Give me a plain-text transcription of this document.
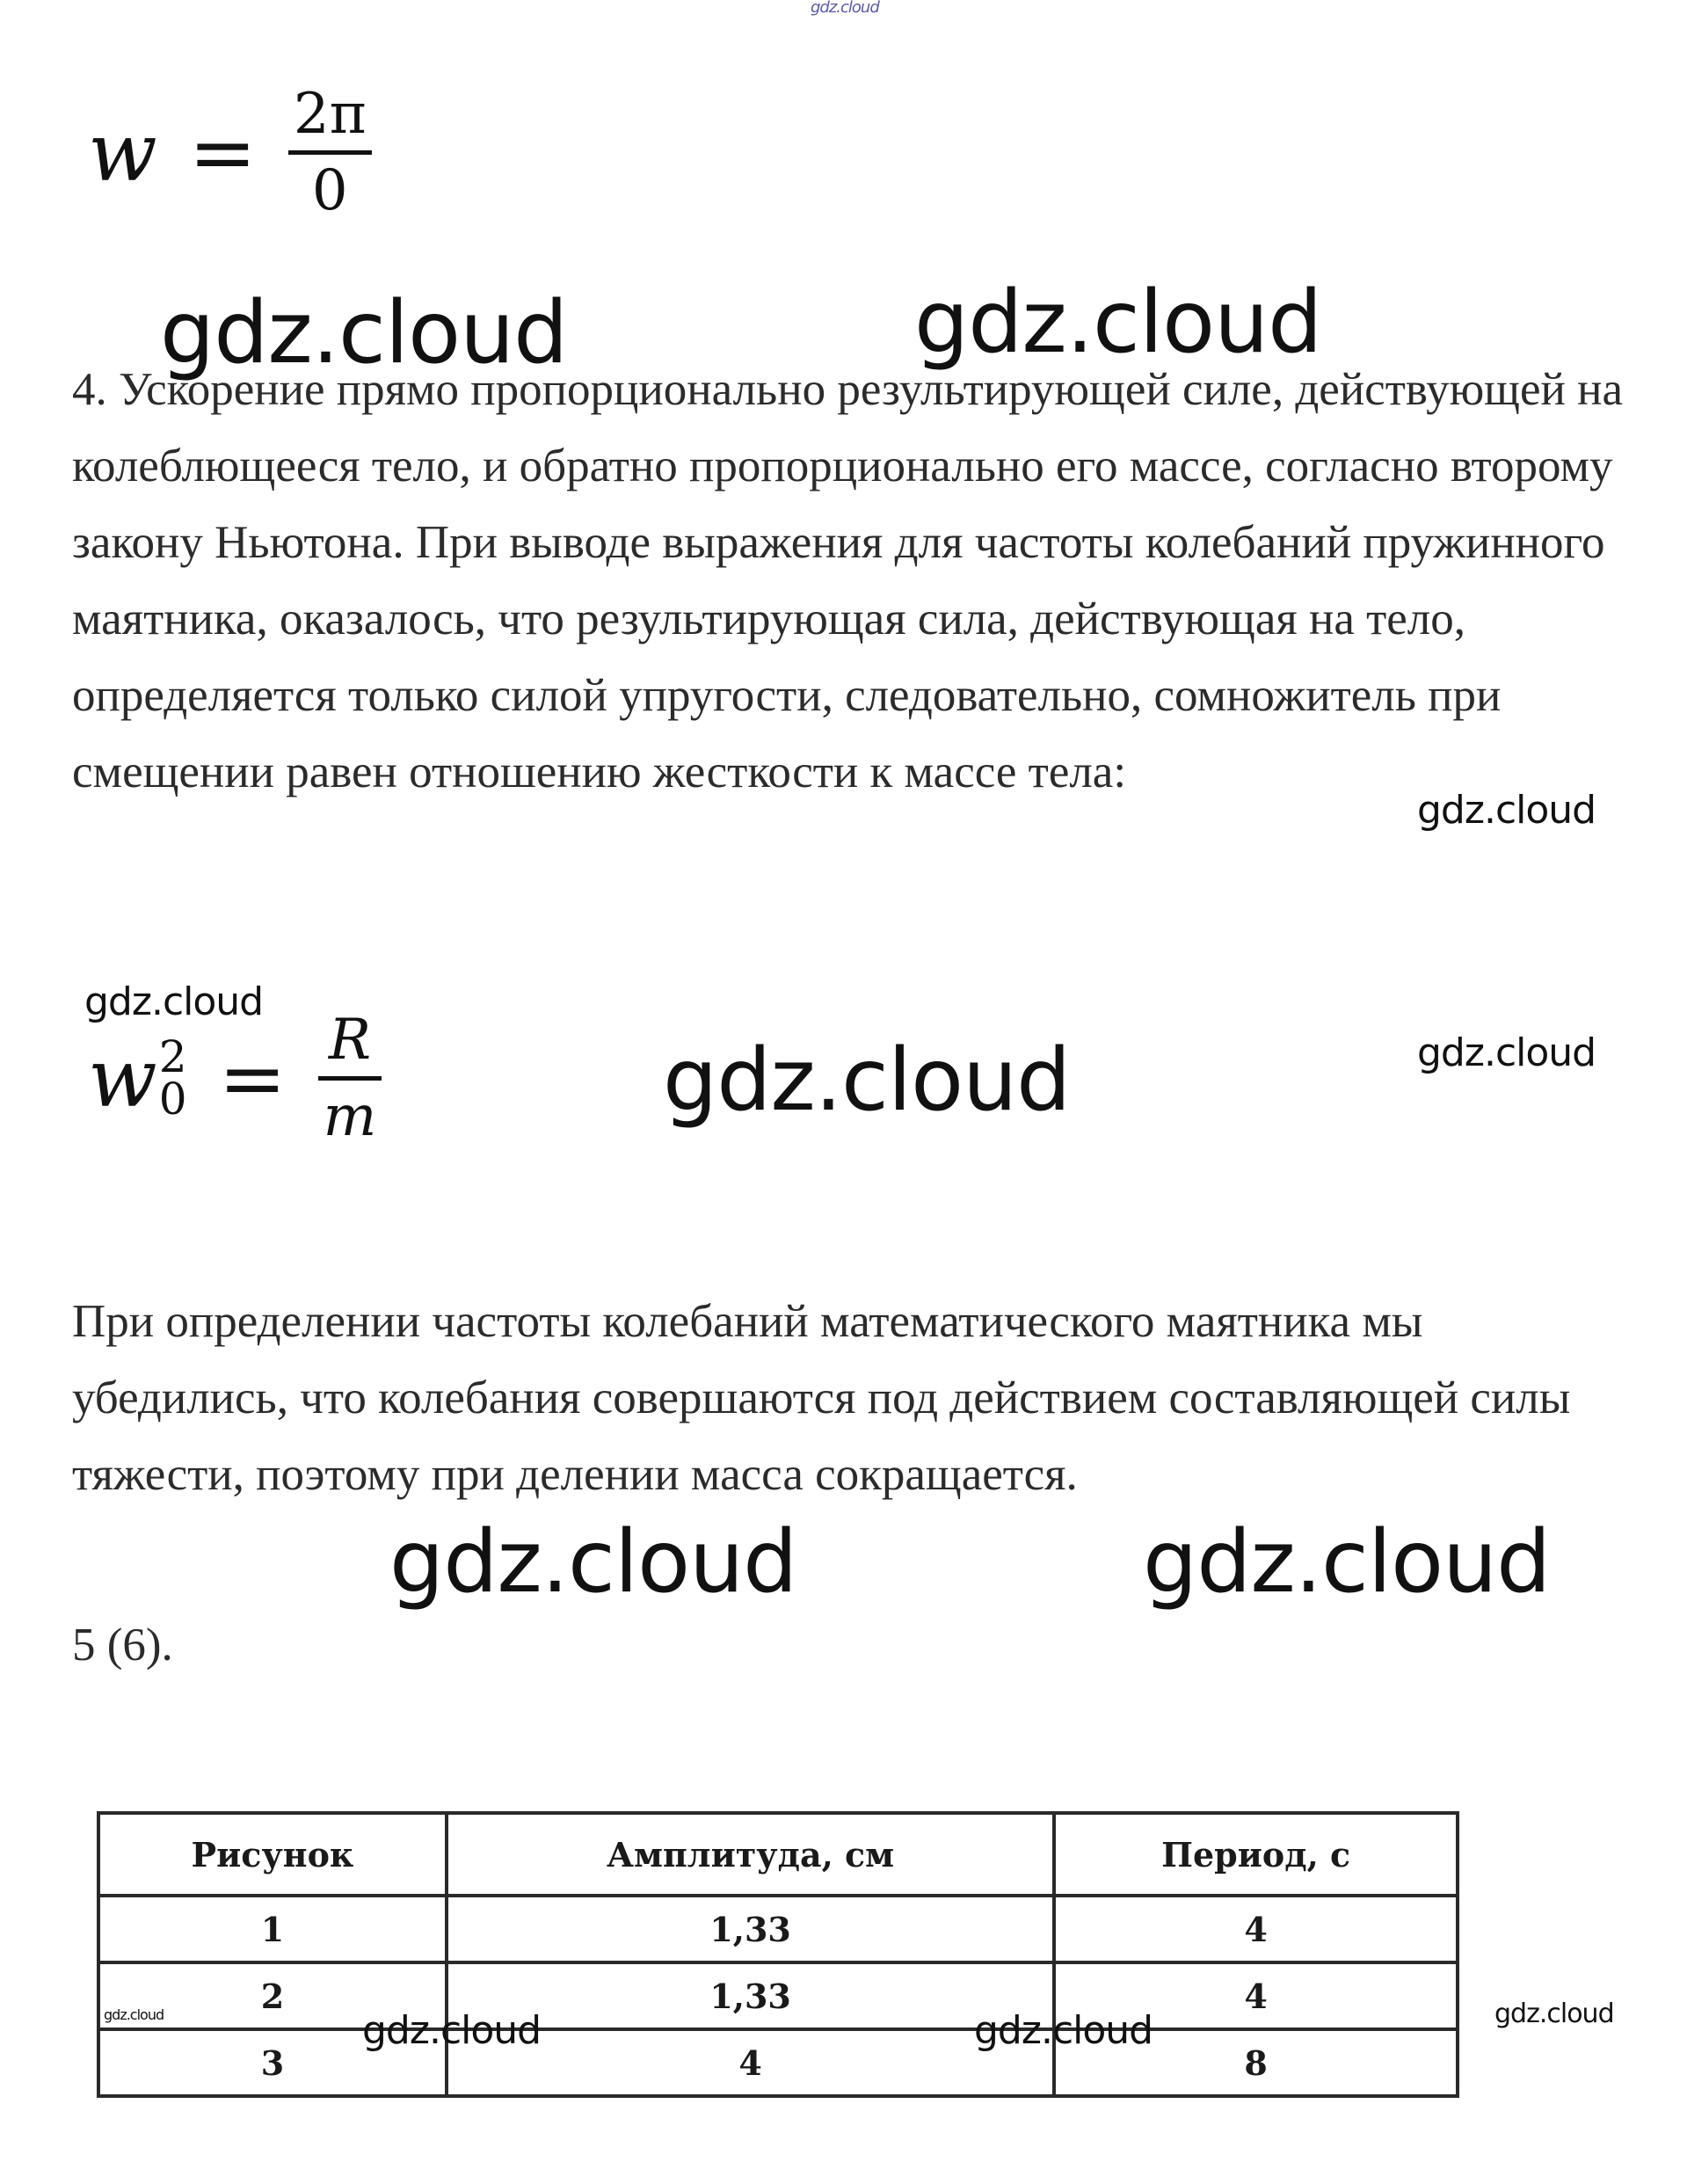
gdz.cloud
w = 2π
0
gdz.cloud	gdz.cloud
4. Ускорение прямо пропорционально результирующей силе, действующей на колеблющееся тело, и обратно пропорционально его массе, согласно второму закону Ньютона. При выводе выражения для частоты колебаний пружинного маятника, оказалось, что результирующая сила, действующая на тело, определяется только силой упругости, следовательно, сомножитель при смещении равен отношению жесткости к массе тела:
gdz.cloud
gdz.cloud
w 2
0 = R
m	gdz.cloud	gdz.cloud
При определении частоты колебаний математического маятника мы убедились, что колебания совершаются под действием составляющей силы тяжести, поэтому при делении масса сокращается.
gdz.cloud	gdz.cloud
5 (6).
Рисунок	Амплитуда, см	Период, с
1	1,33	4
2	1,33	4
3	4	8
gdz.cloud	gdz.cloud	gdz.cloud	gdz.cloud
